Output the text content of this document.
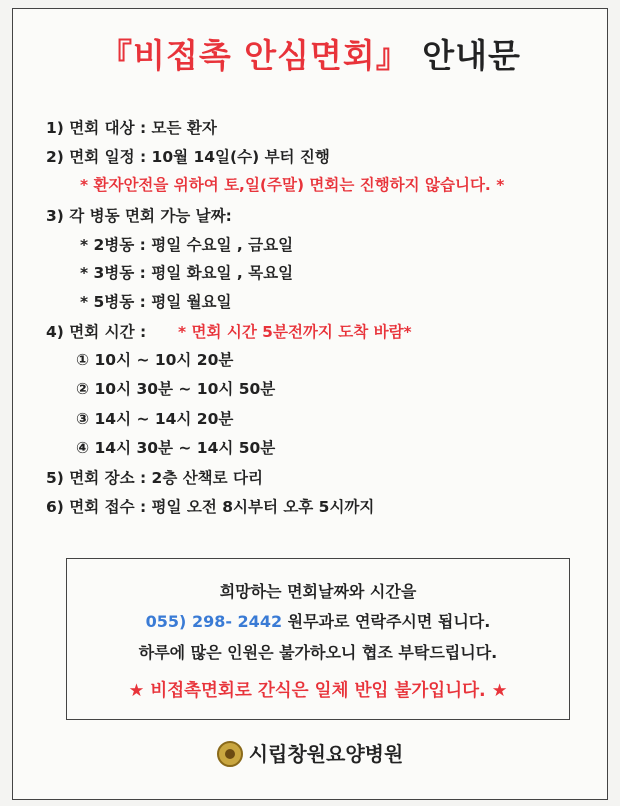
『비접촉 안심면회』 안내문
1) 면회 대상 : 모든 환자
2) 면회 일정 : 10월 14일(수) 부터 진행
* 환자안전을 위하여 토,일(주말) 면회는 진행하지 않습니다. *
3) 각 병동 면회 가능 날짜:
* 2병동 : 평일 수요일 , 금요일
* 3병동 : 평일 화요일 , 목요일
* 5병동 : 평일 월요일
4) 면회 시간 : * 면회 시간 5분전까지 도착 바람*
① 10시 ~ 10시 20분
② 10시 30분 ~ 10시 50분
③ 14시 ~ 14시 20분
④ 14시 30분 ~ 14시 50분
5) 면회 장소 : 2층 산책로 다리
6) 면회 접수 : 평일 오전 8시부터 오후 5시까지
희망하는 면회날짜와 시간을
055) 298- 2442 원무과로 연락주시면 됩니다.
하루에 많은 인원은 불가하오니 협조 부탁드립니다.
★ 비접촉면회로 간식은 일체 반입 불가입니다. ★
시립창원요양병원
